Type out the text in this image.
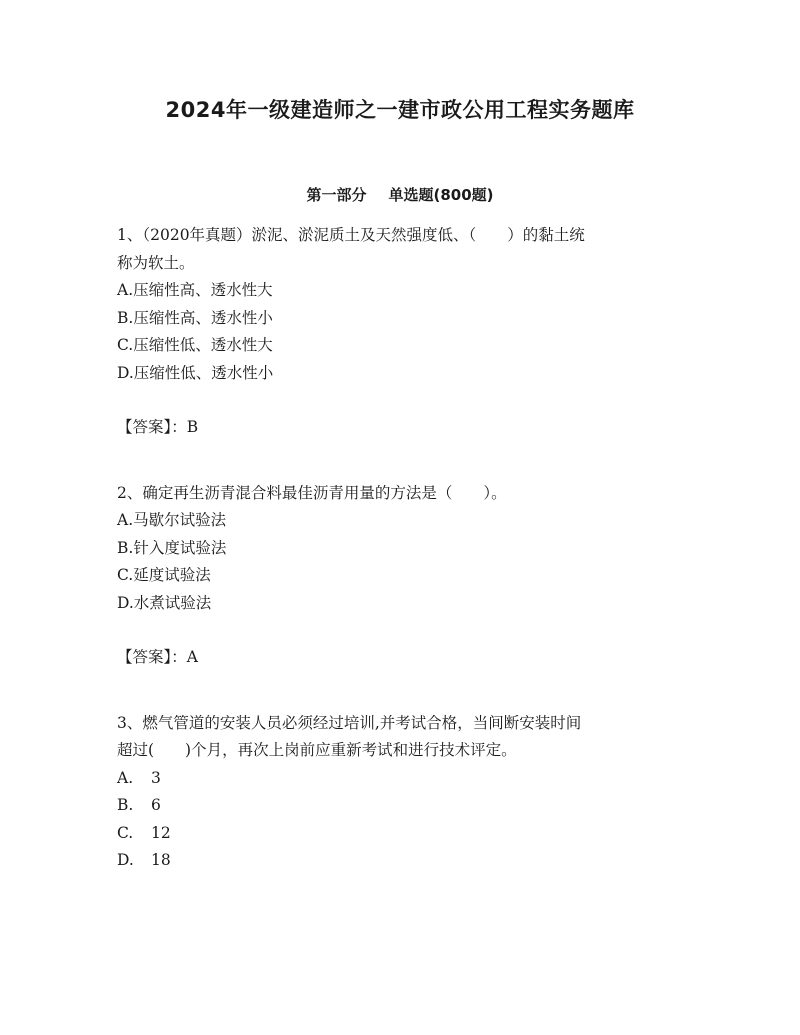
2024年一级建造师之一建市政公用工程实务题库
第一部分 单选题(800题)

1、（2020年真题）淤泥、淤泥质土及天然强度低、（　　）的黏土统

称为软土。

A.压缩性高、透水性大

B.压缩性高、透水性小

C.压缩性低、透水性大

D.压缩性低、透水性小

【答案】：B

2、确定再生沥青混合料最佳沥青用量的方法是（　　）。

A.马歇尔试验法

B.针入度试验法

C.延度试验法

D.水煮试验法

【答案】：A

3、燃气管道的安装人员必须经过培训,并考试合格，当间断安装时间

超过(　　)个月，再次上岗前应重新考试和进行技术评定。

A. 3

B. 6

C. 12

D. 18
